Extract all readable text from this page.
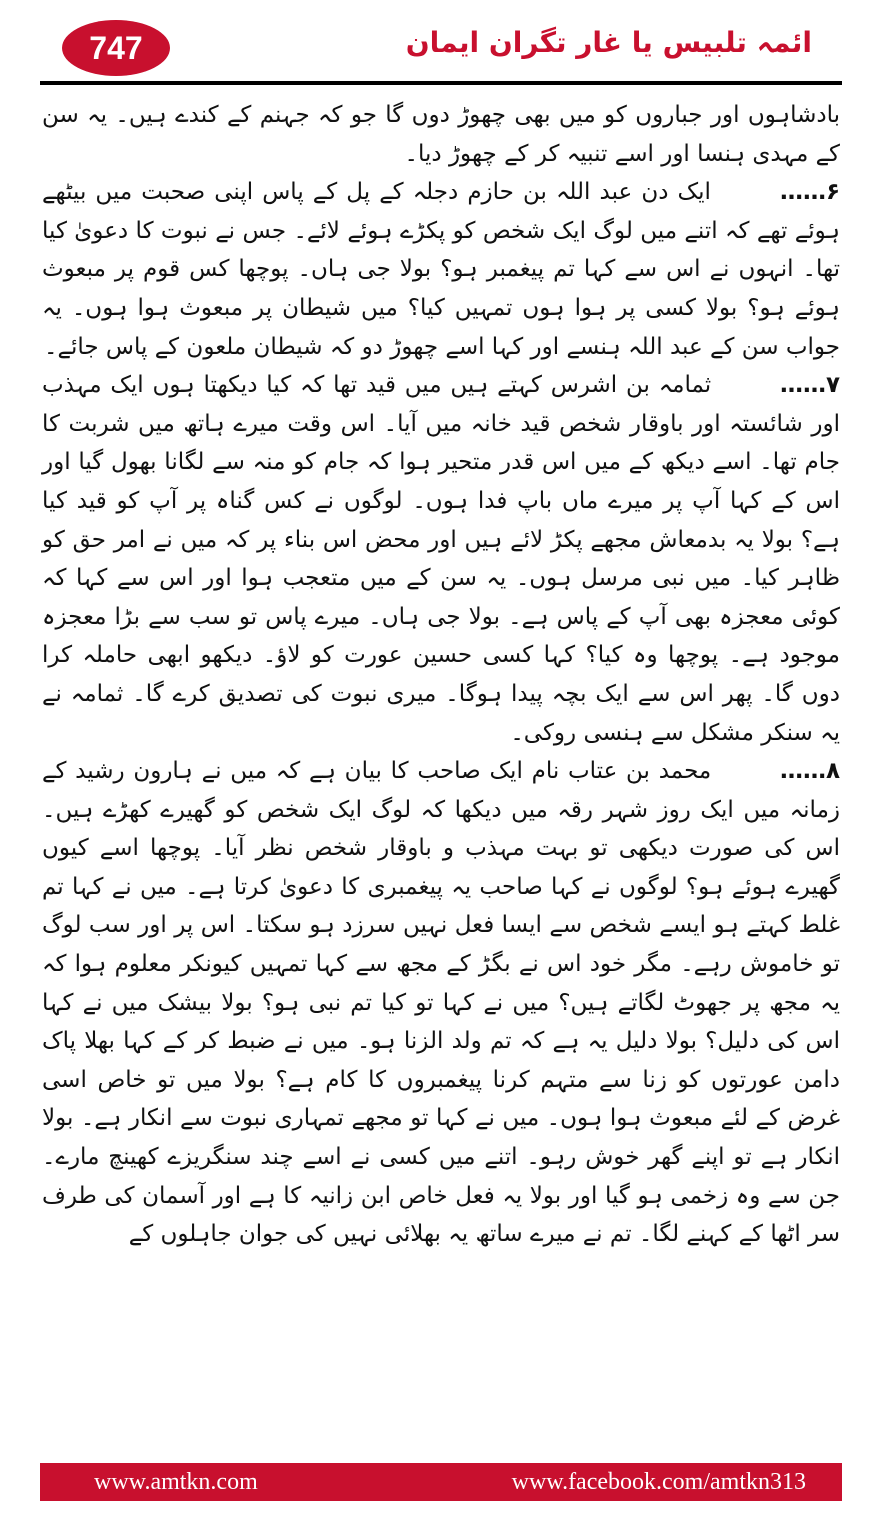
747	ائمہ تلبیس یا غار تگران ایمان

بادشاہوں اور جباروں کو میں بھی چھوڑ دوں گا جو کہ جہنم کے کندے ہیں۔ یہ سن کے مہدی ہنسا اور اسے تنبیہ کر کے چھوڑ دیا۔

۶ …… ایک دن عبد اللہ بن حازم دجلہ کے پل کے پاس اپنی صحبت میں بیٹھے ہوئے تھے کہ اتنے میں لوگ ایک شخص کو پکڑے ہوئے لائے۔ جس نے نبوت کا دعویٰ کیا تھا۔ انہوں نے اس سے کہا تم پیغمبر ہو؟ بولا جی ہاں۔ پوچھا کس قوم پر مبعوث ہوئے ہو؟ بولا کسی پر ہوا ہوں تمہیں کیا؟ میں شیطان پر مبعوث ہوا ہوں۔ یہ جواب سن کے عبد اللہ ہنسے اور کہا اسے چھوڑ دو کہ شیطان ملعون کے پاس جائے۔

۷ …… ثمامہ بن اشرس کہتے ہیں میں قید تھا کہ کیا دیکھتا ہوں ایک مہذب اور شائستہ اور باوقار شخص قید خانہ میں آیا۔ اس وقت میرے ہاتھ میں شربت کا جام تھا۔ اسے دیکھ کے میں اس قدر متحیر ہوا کہ جام کو منہ سے لگانا بھول گیا اور اس کے کہا آپ پر میرے ماں باپ فدا ہوں۔ لوگوں نے کس گناہ پر آپ کو قید کیا ہے؟ بولا یہ بدمعاش مجھے پکڑ لائے ہیں اور محض اس بناء پر کہ میں نے امر حق کو ظاہر کیا۔ میں نبی مرسل ہوں۔ یہ سن کے میں متعجب ہوا اور اس سے کہا کہ کوئی معجزہ بھی آپ کے پاس ہے۔ بولا جی ہاں۔ میرے پاس تو سب سے بڑا معجزہ موجود ہے۔ پوچھا وہ کیا؟ کہا کسی حسین عورت کو لاؤ۔ دیکھو ابھی حاملہ کرا دوں گا۔ پھر اس سے ایک بچہ پیدا ہوگا۔ میری نبوت کی تصدیق کرے گا۔ ثمامہ نے یہ سنکر مشکل سے ہنسی روکی۔

۸ …… محمد بن عتاب نام ایک صاحب کا بیان ہے کہ میں نے ہارون رشید کے زمانہ میں ایک روز شہر رقہ میں دیکھا کہ لوگ ایک شخص کو گھیرے کھڑے ہیں۔ اس کی صورت دیکھی تو بہت مہذب و باوقار شخص نظر آیا۔ پوچھا اسے کیوں گھیرے ہوئے ہو؟ لوگوں نے کہا صاحب یہ پیغمبری کا دعویٰ کرتا ہے۔ میں نے کہا تم غلط کہتے ہو ایسے شخص سے ایسا فعل نہیں سرزد ہو سکتا۔ اس پر اور سب لوگ تو خاموش رہے۔ مگر خود اس نے بگڑ کے مجھ سے کہا تمہیں کیونکر معلوم ہوا کہ یہ مجھ پر جھوٹ لگاتے ہیں؟ میں نے کہا تو کیا تم نبی ہو؟ بولا بیشک میں نے کہا اس کی دلیل؟ بولا دلیل یہ ہے کہ تم ولد الزنا ہو۔ میں نے ضبط کر کے کہا بھلا پاک دامن عورتوں کو زنا سے متہم کرنا پیغمبروں کا کام ہے؟ بولا میں تو خاص اسی غرض کے لئے مبعوث ہوا ہوں۔ میں نے کہا تو مجھے تمہاری نبوت سے انکار ہے۔ بولا انکار ہے تو اپنے گھر خوش رہو۔ اتنے میں کسی نے اسے چند سنگریزے کھینچ مارے۔ جن سے وہ زخمی ہو گیا اور بولا یہ فعل خاص ابن زانیہ کا ہے اور آسمان کی طرف سر اٹھا کے کہنے لگا۔ تم نے میرے ساتھ یہ بھلائی نہیں کی جوان جاہلوں کے

www.amtkn.com	www.facebook.com/amtkn313
